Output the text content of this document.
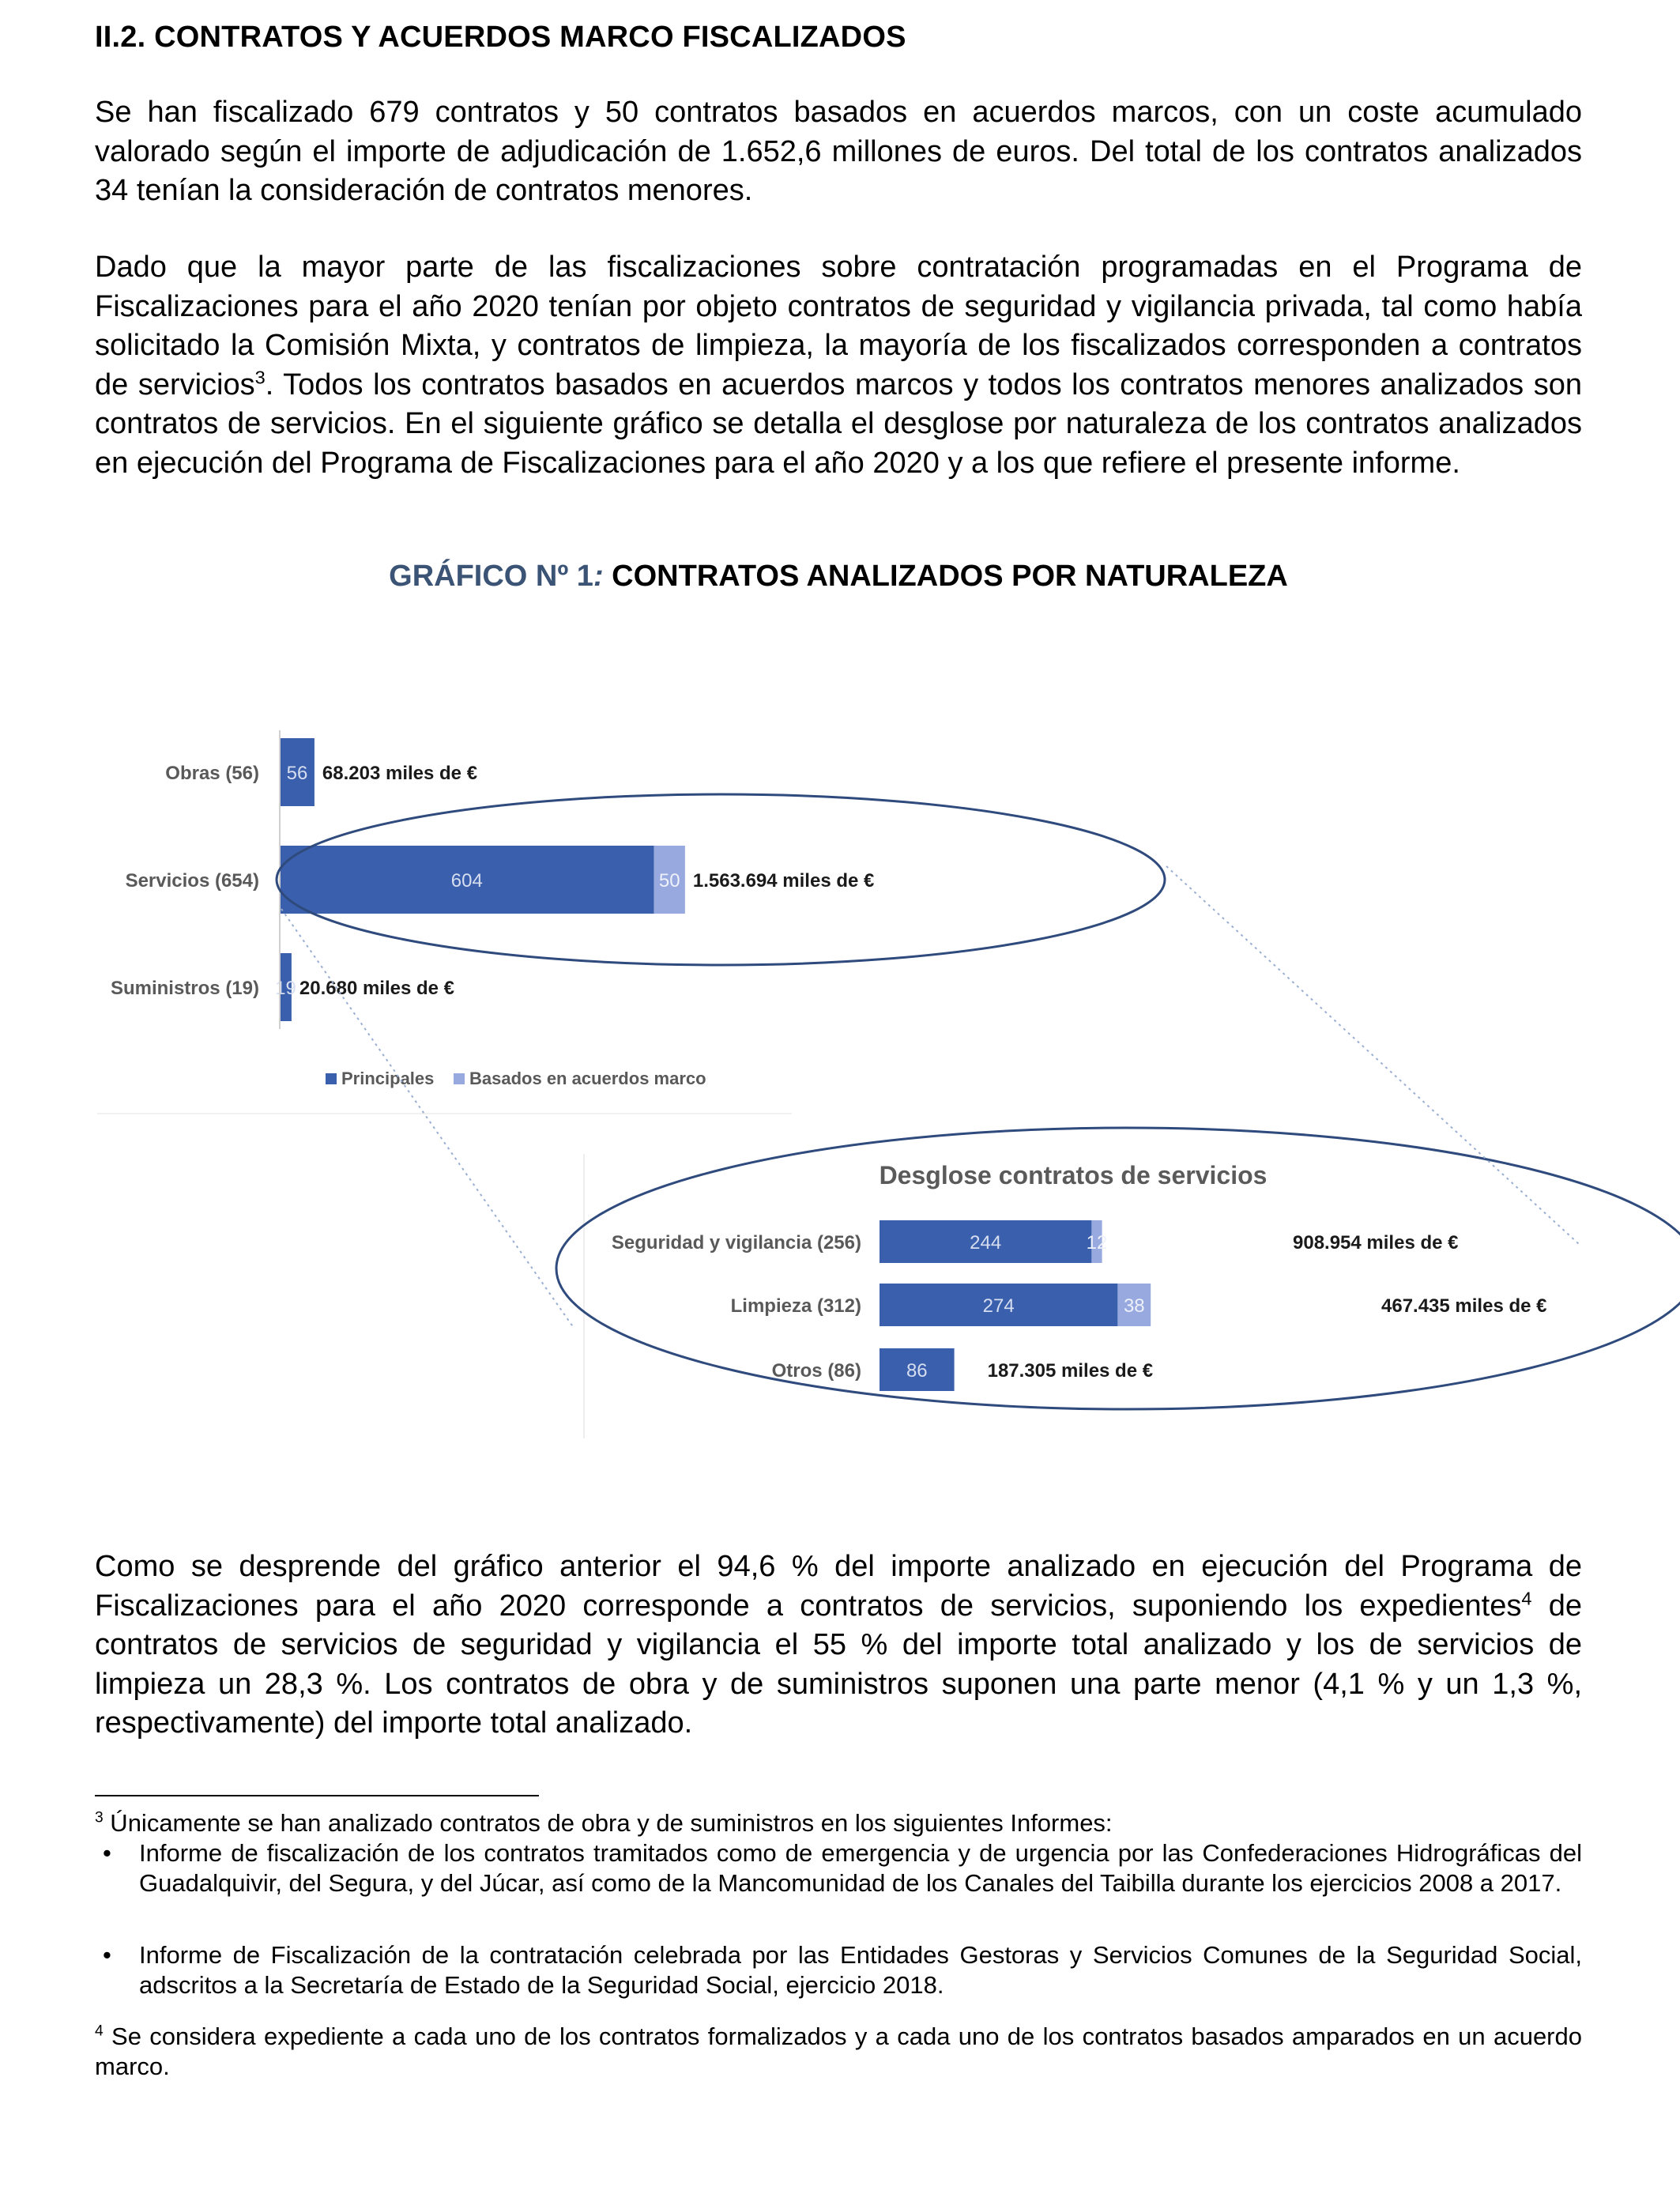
II.2. CONTRATOS Y ACUERDOS MARCO FISCALIZADOS

Se han fiscalizado 679 contratos y 50 contratos basados en acuerdos marcos, con un coste acumulado valorado según el importe de adjudicación de 1.652,6 millones de euros. Del total de los contratos analizados 34 tenían la consideración de contratos menores.

Dado que la mayor parte de las fiscalizaciones sobre contratación programadas en el Programa de Fiscalizaciones para el año 2020 tenían por objeto contratos de seguridad y vigilancia privada, tal como había solicitado la Comisión Mixta, y contratos de limpieza, la mayoría de los fiscalizados corresponden a contratos de servicios$^3$. Todos los contratos basados en acuerdos marcos y todos los contratos menores analizados son contratos de servicios. En el siguiente gráfico se detalla el desglose por naturaleza de los contratos analizados en ejecución del Programa de Fiscalizaciones para el año 2020 y a los que refiere el presente informe.

GRÁFICO Nº 1: CONTRATOS ANALIZADOS POR NATURALEZA

Como se desprende del gráfico anterior el 94,6 % del importe analizado en ejecución del Programa de Fiscalizaciones para el año 2020 corresponde a contratos de servicios, suponiendo los expedientes$^4$ de contratos de servicios de seguridad y vigilancia el 55 % del importe total analizado y los de servicios de limpieza un 28,3 %. Los contratos de obra y de suministros suponen una parte menor (4,1 % y un 1,3 %, respectivamente) del importe total analizado.

Obras (56) 56 68.203 miles de €
Servicios (654)	604	50 1.563.694 miles de €
Suministros (19) 19 20.680 miles de €
Principales Basados en acuerdos marco
Desglose contratos de servicios
Seguridad y vigilancia (256)	244	12	908.954 miles de €
Limpieza (312)	274	38	467.435 miles de €
Otros (86) 86	187.305 miles de €

$^3$ Únicamente se han analizado contratos de obra y de suministros en los siguientes Informes:

•	Informe de fiscalización de los contratos tramitados como de emergencia y de urgencia por las Confederaciones Hidrográficas del Guadalquivir, del Segura, y del Júcar, así como de la Mancomunidad de los Canales del Taibilla durante los ejercicios 2008 a 2017.

•	Informe de Fiscalización de la contratación celebrada por las Entidades Gestoras y Servicios Comunes de la Seguridad Social, adscritos a la Secretaría de Estado de la Seguridad Social, ejercicio 2018.

$^4$ Se considera expediente a cada uno de los contratos formalizados y a cada uno de los contratos basados amparados en un acuerdo marco.
